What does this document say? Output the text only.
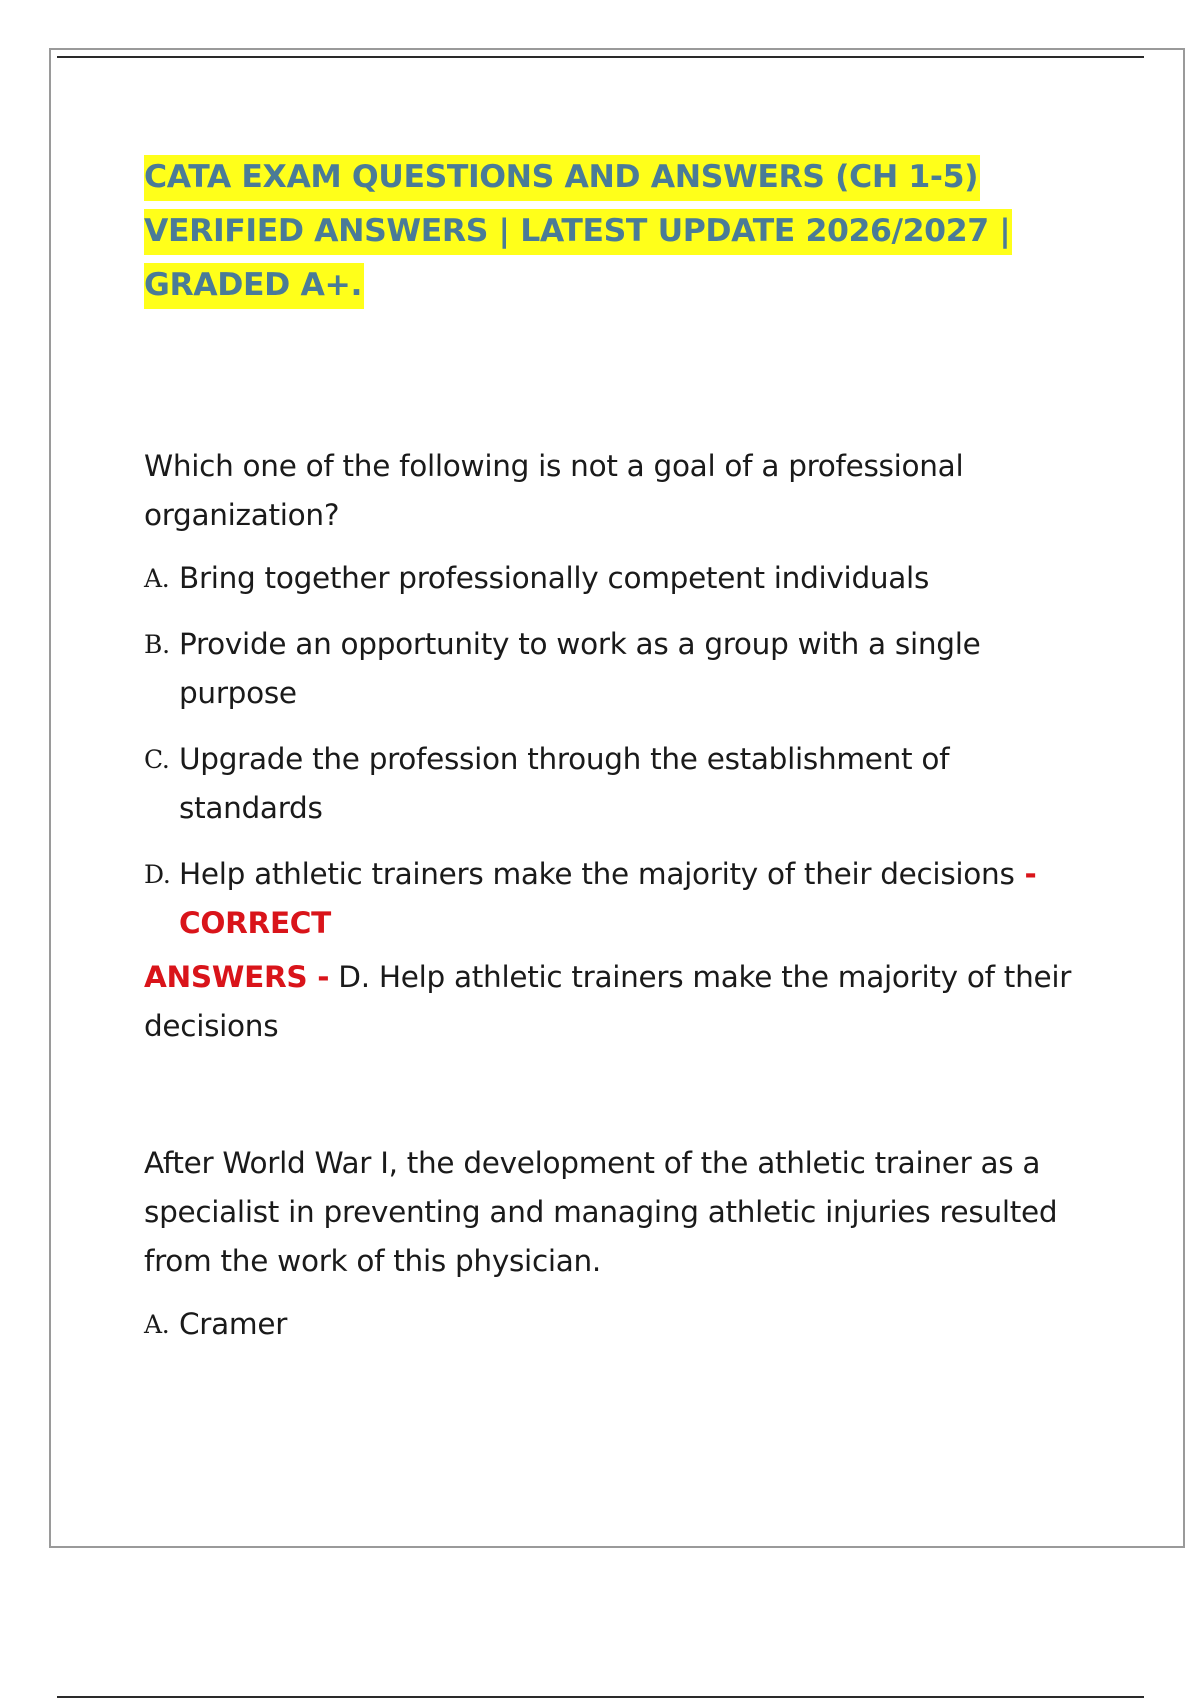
CATA EXAM QUESTIONS AND ANSWERS (CH 1-5)
VERIFIED ANSWERS | LATEST UPDATE 2026/2027 |
GRADED A+.

Which one of the following is not a goal of a professional organization?

A. Bring together professionally competent individuals
B. Provide an opportunity to work as a group with a single purpose
C. Upgrade the profession through the establishment of standards
D. Help athletic trainers make the majority of their decisions - CORRECT

ANSWERS - D. Help athletic trainers make the majority of their decisions

After World War I, the development of the athletic trainer as a specialist in preventing and managing athletic injuries resulted from the work of this physician.

A. Cramer
